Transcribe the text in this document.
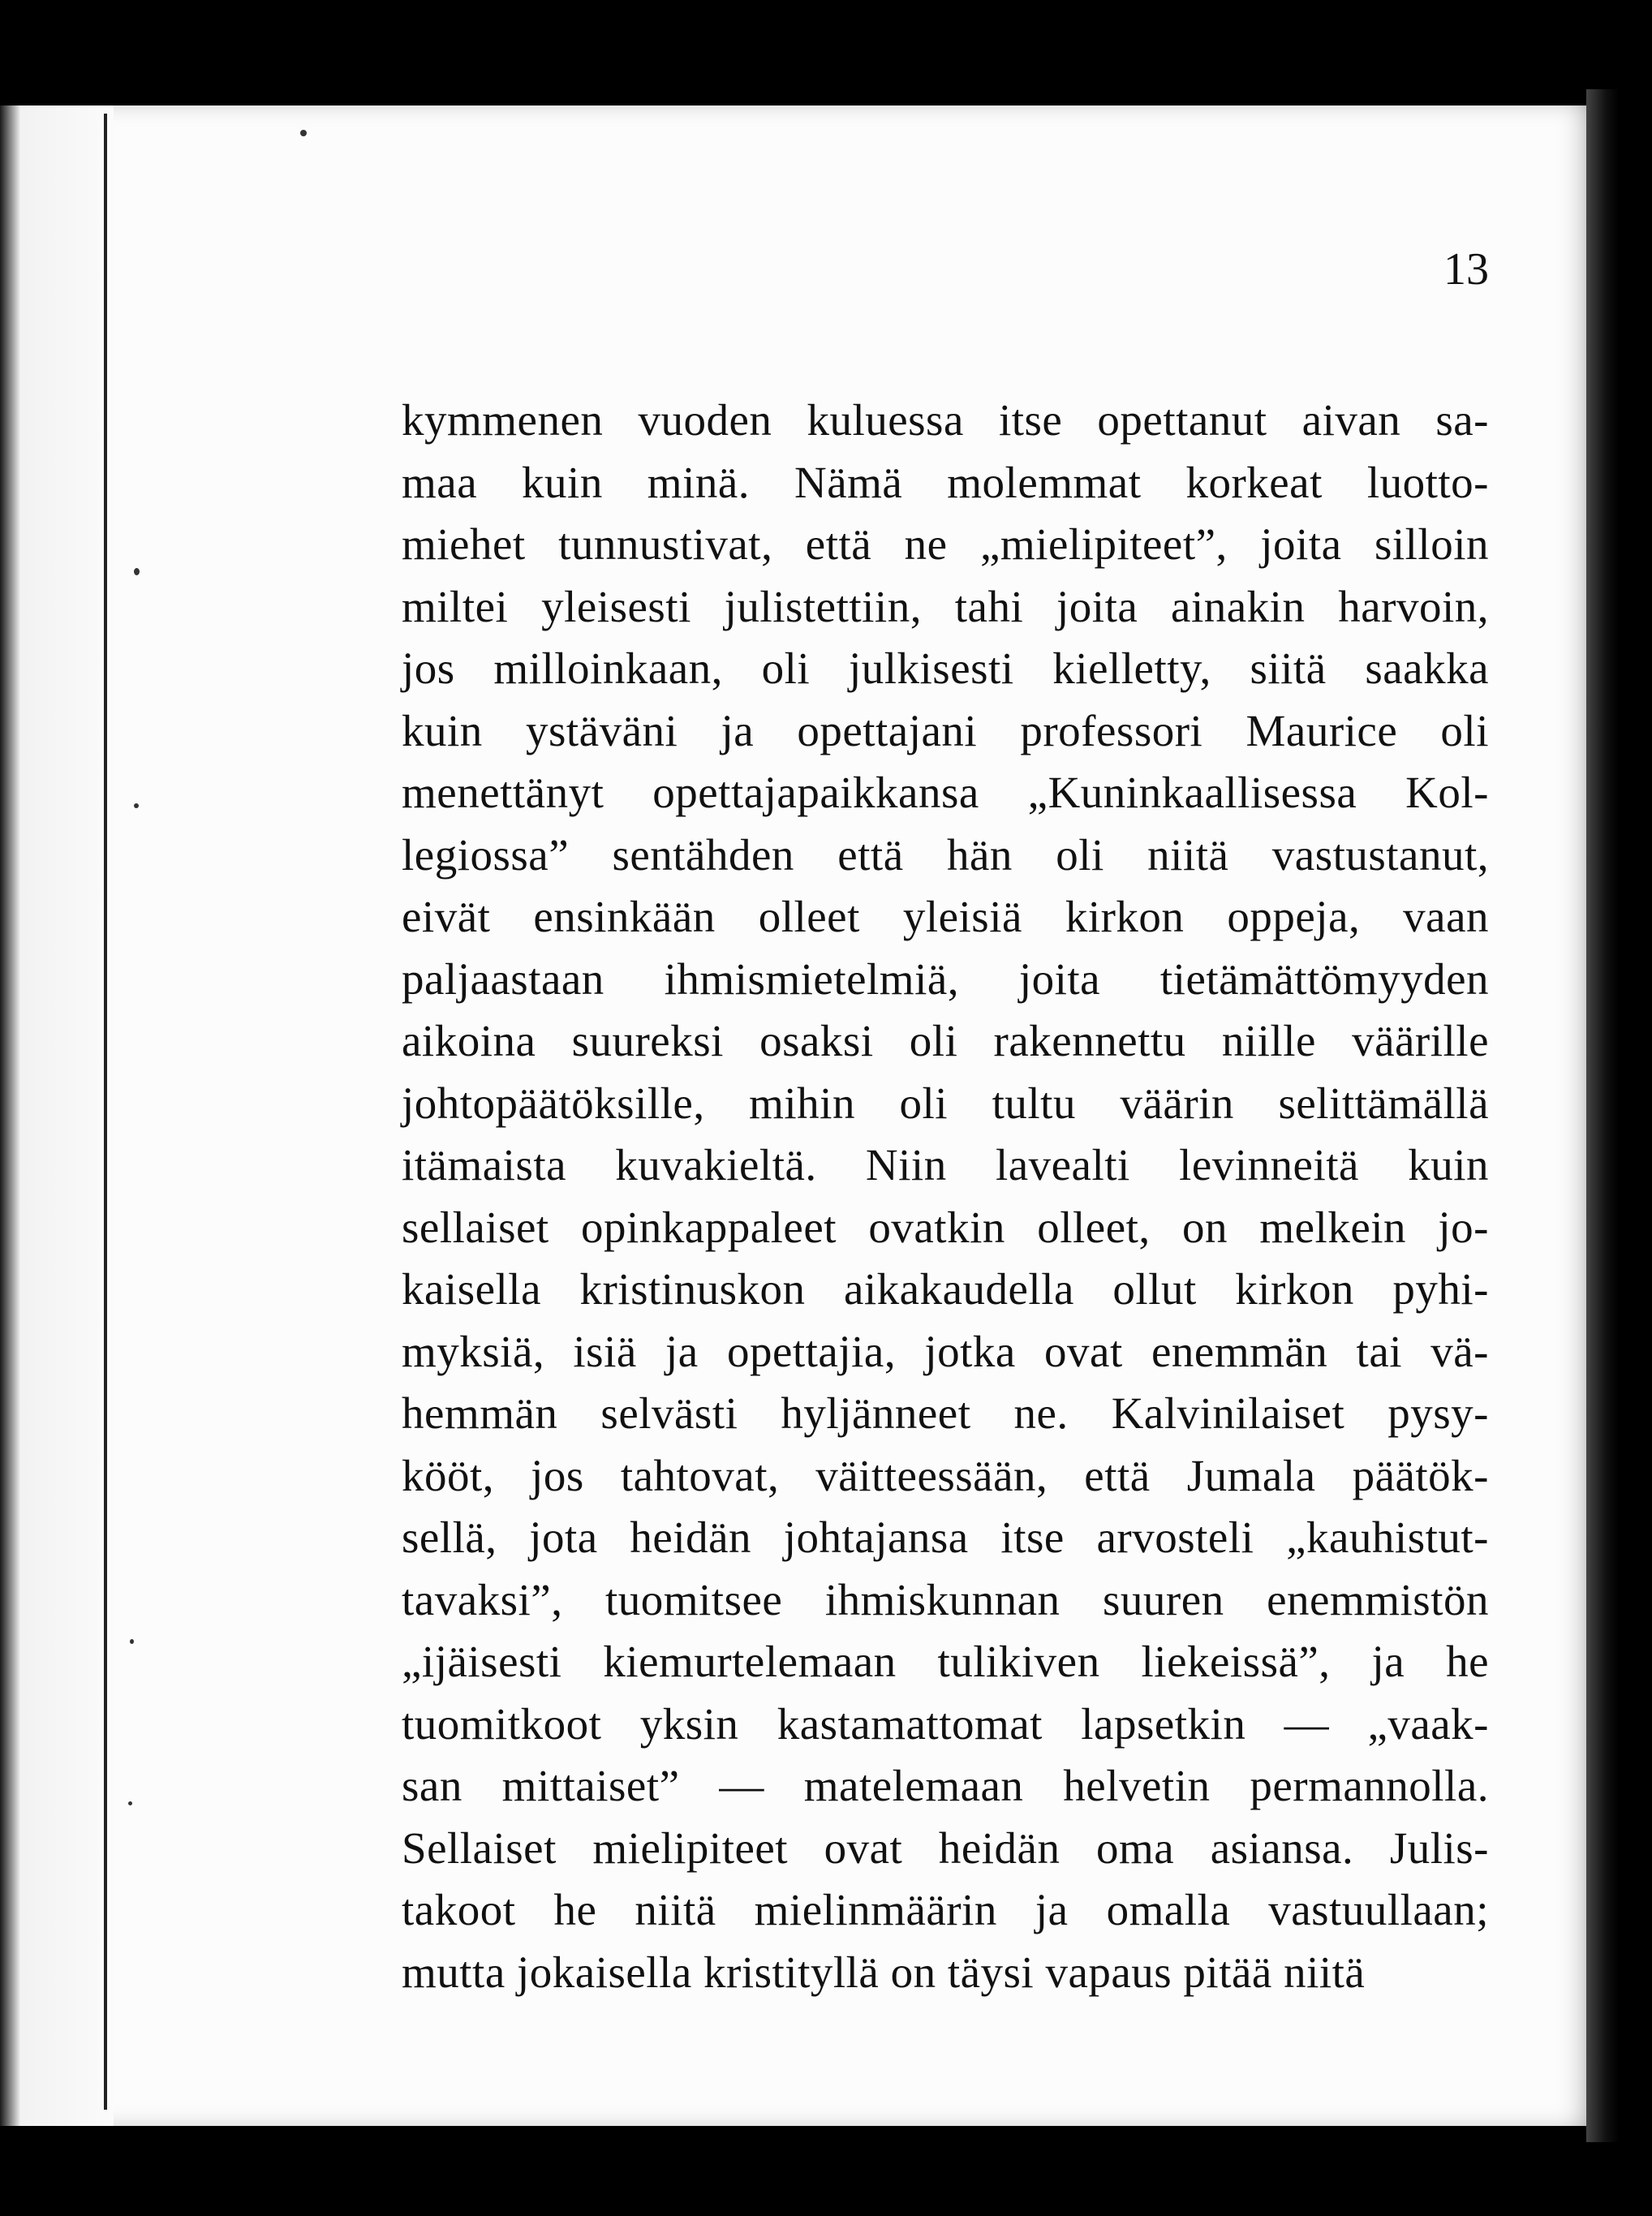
13
kymmenen vuoden kuluessa itse opettanut aivan sa-
maa kuin minä. Nämä molemmat korkeat luotto-
miehet tunnustivat, että ne „mielipiteet”, joita silloin
miltei yleisesti julistettiin, tahi joita ainakin harvoin,
jos milloinkaan, oli julkisesti kielletty, siitä saakka
kuin ystäväni ja opettajani professori Maurice oli
menettänyt opettajapaikkansa „Kuninkaallisessa Kol-
legiossa” sentähden että hän oli niitä vastustanut,
eivät ensinkään olleet yleisiä kirkon oppeja, vaan
paljaastaan ihmismietelmiä, joita tietämättömyyden
aikoina suureksi osaksi oli rakennettu niille väärille
johtopäätöksille, mihin oli tultu väärin selittämällä
itämaista kuvakieltä. Niin lavealti levinneitä kuin
sellaiset opinkappaleet ovatkin olleet, on melkein jo-
kaisella kristinuskon aikakaudella ollut kirkon pyhi-
myksiä, isiä ja opettajia, jotka ovat enemmän tai vä-
hemmän selvästi hyljänneet ne. Kalvinilaiset pysy-
kööt, jos tahtovat, väitteessään, että Jumala päätök-
sellä, jota heidän johtajansa itse arvosteli „kauhistut-
tavaksi”, tuomitsee ihmiskunnan suuren enemmistön
„ijäisesti kiemurtelemaan tulikiven liekeissä”, ja he
tuomitkoot yksin kastamattomat lapsetkin — „vaak-
san mittaiset” — matelemaan helvetin permannolla.
Sellaiset mielipiteet ovat heidän oma asiansa. Julis-
takoot he niitä mielinmäärin ja omalla vastuullaan;
mutta jokaisella kristityllä on täysi vapaus pitää niitä
